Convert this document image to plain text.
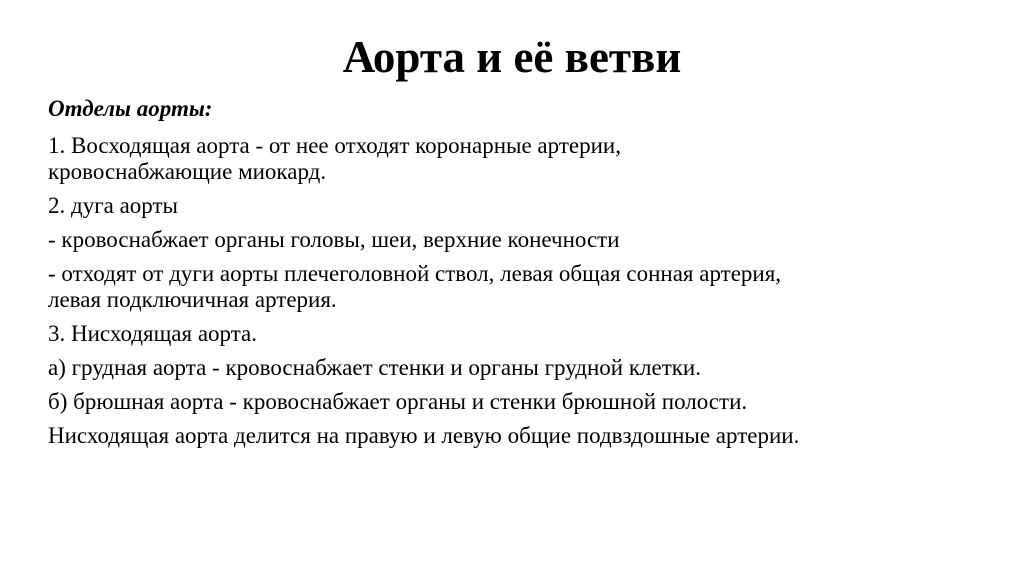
Аорта и её ветви

Отделы аорты:

1. Восходящая аорта - от нее отходят коронарные артерии,
кровоснабжающие миокард.

2. дуга аорты

- кровоснабжает органы головы, шеи, верхние конечности

- отходят от дуги аорты плечеголовной ствол, левая общая сонная артерия,
левая подключичная артерия.

3. Нисходящая аорта.

а) грудная аорта - кровоснабжает стенки и органы грудной клетки.

б) брюшная аорта - кровоснабжает органы и стенки брюшной полости.

Нисходящая аорта делится на правую и левую общие подвздошные артерии.
